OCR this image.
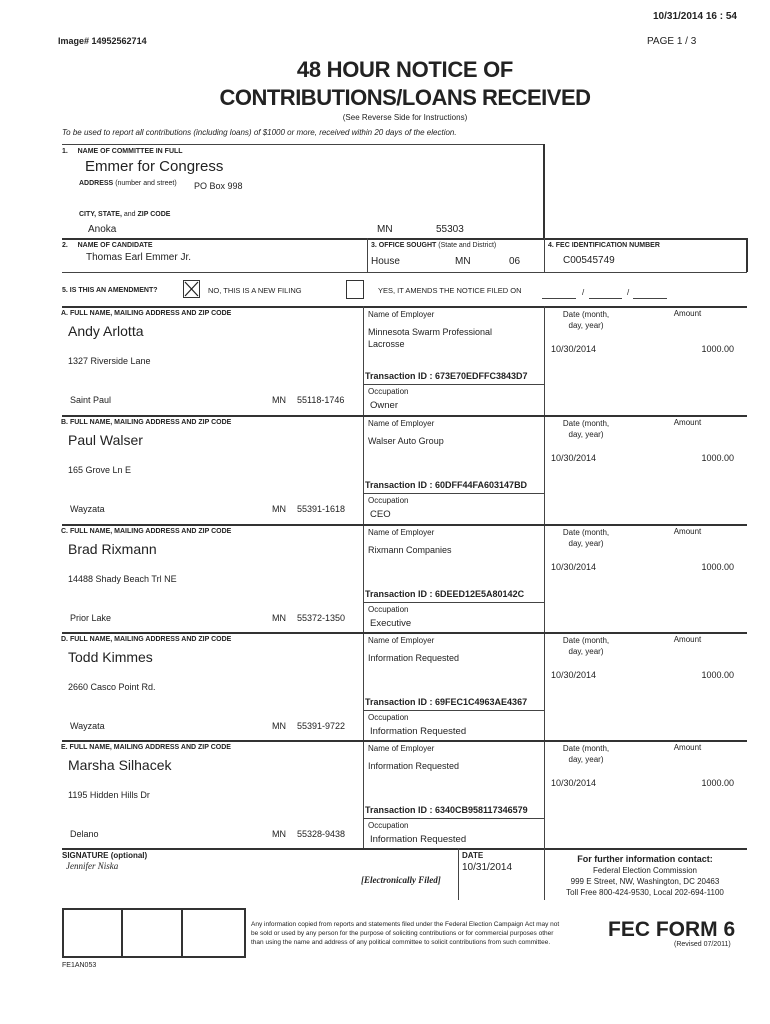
10/31/2014 16 : 54
Image# 14952562714	PAGE 1 / 3
48 HOUR NOTICE OF
CONTRIBUTIONS/LOANS RECEIVED
(See Reverse Side for Instructions)
To be used to report all contributions (including loans) of $1000 or more, received within 20 days of the election.
1. NAME OF COMMITTEE IN FULL
Emmer for Congress
ADDRESS (number and street) PO Box 998
CITY, STATE, and ZIP CODE
Anoka	MN	55303
2. NAME OF CANDIDATE
Thomas Earl Emmer Jr.
3. OFFICE SOUGHT (State and District)
House	MN	06
4. FEC IDENTIFICATION NUMBER
C00545749
5. IS THIS AN AMENDMENT?	NO, THIS IS A NEW FILING	YES, IT AMENDS THE NOTICE FILED ON	/	/
A. FULL NAME, MAILING ADDRESS AND ZIP CODE
Andy Arlotta
1327 Riverside Lane
Saint Paul	MN 55118-1746
Name of Employer
Minnesota Swarm Professional
Lacrosse
Transaction ID : 673E70EDFFC3843D7
Occupation
Owner
Date (month,
day, year)
Amount
10/30/2014	1000.00
B. FULL NAME, MAILING ADDRESS AND ZIP CODE
Paul Walser
165 Grove Ln E
Wayzata	MN 55391-1618
Name of Employer
Walser Auto Group
Transaction ID : 60DFF44FA603147BD
Occupation
CEO
Date (month,
day, year)
Amount
10/30/2014	1000.00
C. FULL NAME, MAILING ADDRESS AND ZIP CODE
Brad Rixmann
14488 Shady Beach Trl NE
Prior Lake	MN 55372-1350
Name of Employer
Rixmann Companies
Transaction ID : 6DEED12E5A80142C
Occupation
Executive
Date (month,
day, year)
Amount
10/30/2014	1000.00
D. FULL NAME, MAILING ADDRESS AND ZIP CODE
Todd Kimmes
2660 Casco Point Rd.
Wayzata	MN 55391-9722
Name of Employer
Information Requested
Transaction ID : 69FEC1C4963AE4367
Occupation
Information Requested
Date (month,
day, year)
Amount
10/30/2014	1000.00
E. FULL NAME, MAILING ADDRESS AND ZIP CODE
Marsha Silhacek
1195 Hidden Hills Dr
Delano	MN 55328-9438
Name of Employer
Information Requested
Transaction ID : 6340CB958117346579
Occupation
Information Requested
Date (month,
day, year)
Amount
10/30/2014	1000.00
SIGNATURE (optional)
Jennifer Niska
[Electronically Filed]
DATE
10/31/2014
For further information contact:
Federal Election Commission
999 E Street, NW, Washington, DC 20463
Toll Free 800-424-9530, Local 202-694-1100
Any information copied from reports and statements filed under the Federal Election Campaign Act may not
be sold or used by any person for the purpose of soliciting contributions or for commercial purposes other
than using the name and address of any political committee to solicit contributions from such committee.
FEC FORM 6
(Revised 07/2011)
FE1AN053
